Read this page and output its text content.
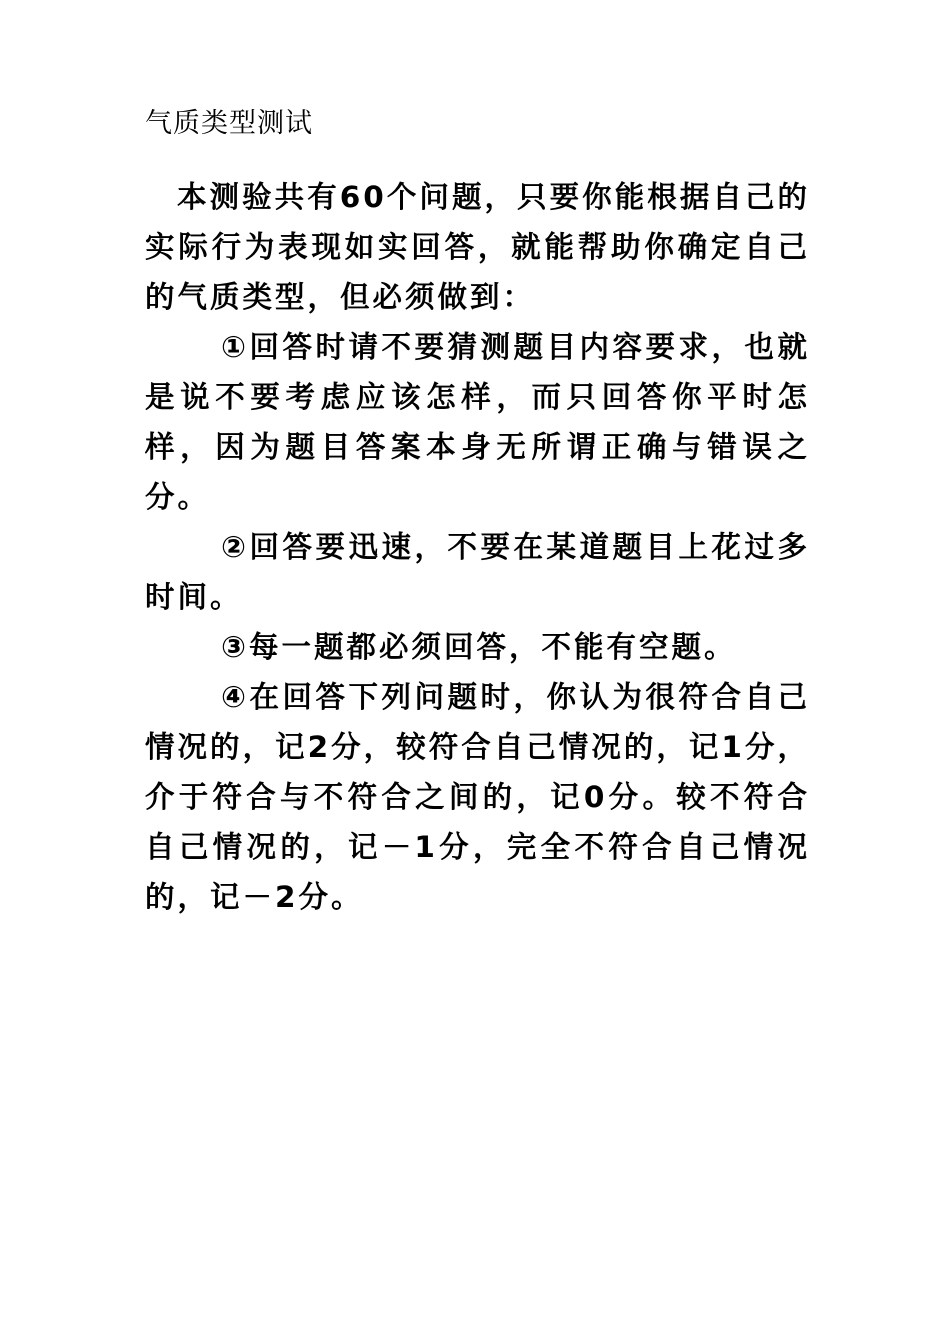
气质类型测试

本测验共有60个问题，只要你能根据自己的实际行为表现如实回答，就能帮助你确定自己的气质类型，但必须做到：

①回答时请不要猜测题目内容要求，也就是说不要考虑应该怎样，而只回答你平时怎样，因为题目答案本身无所谓正确与错误之分。

②回答要迅速，不要在某道题目上花过多时间。

③每一题都必须回答，不能有空题。

④在回答下列问题时，你认为很符合自己情况的，记2分，较符合自己情况的，记1分，介于符合与不符合之间的，记0分。较不符合自己情况的，记－1分，完全不符合自己情况的，记－2分。
